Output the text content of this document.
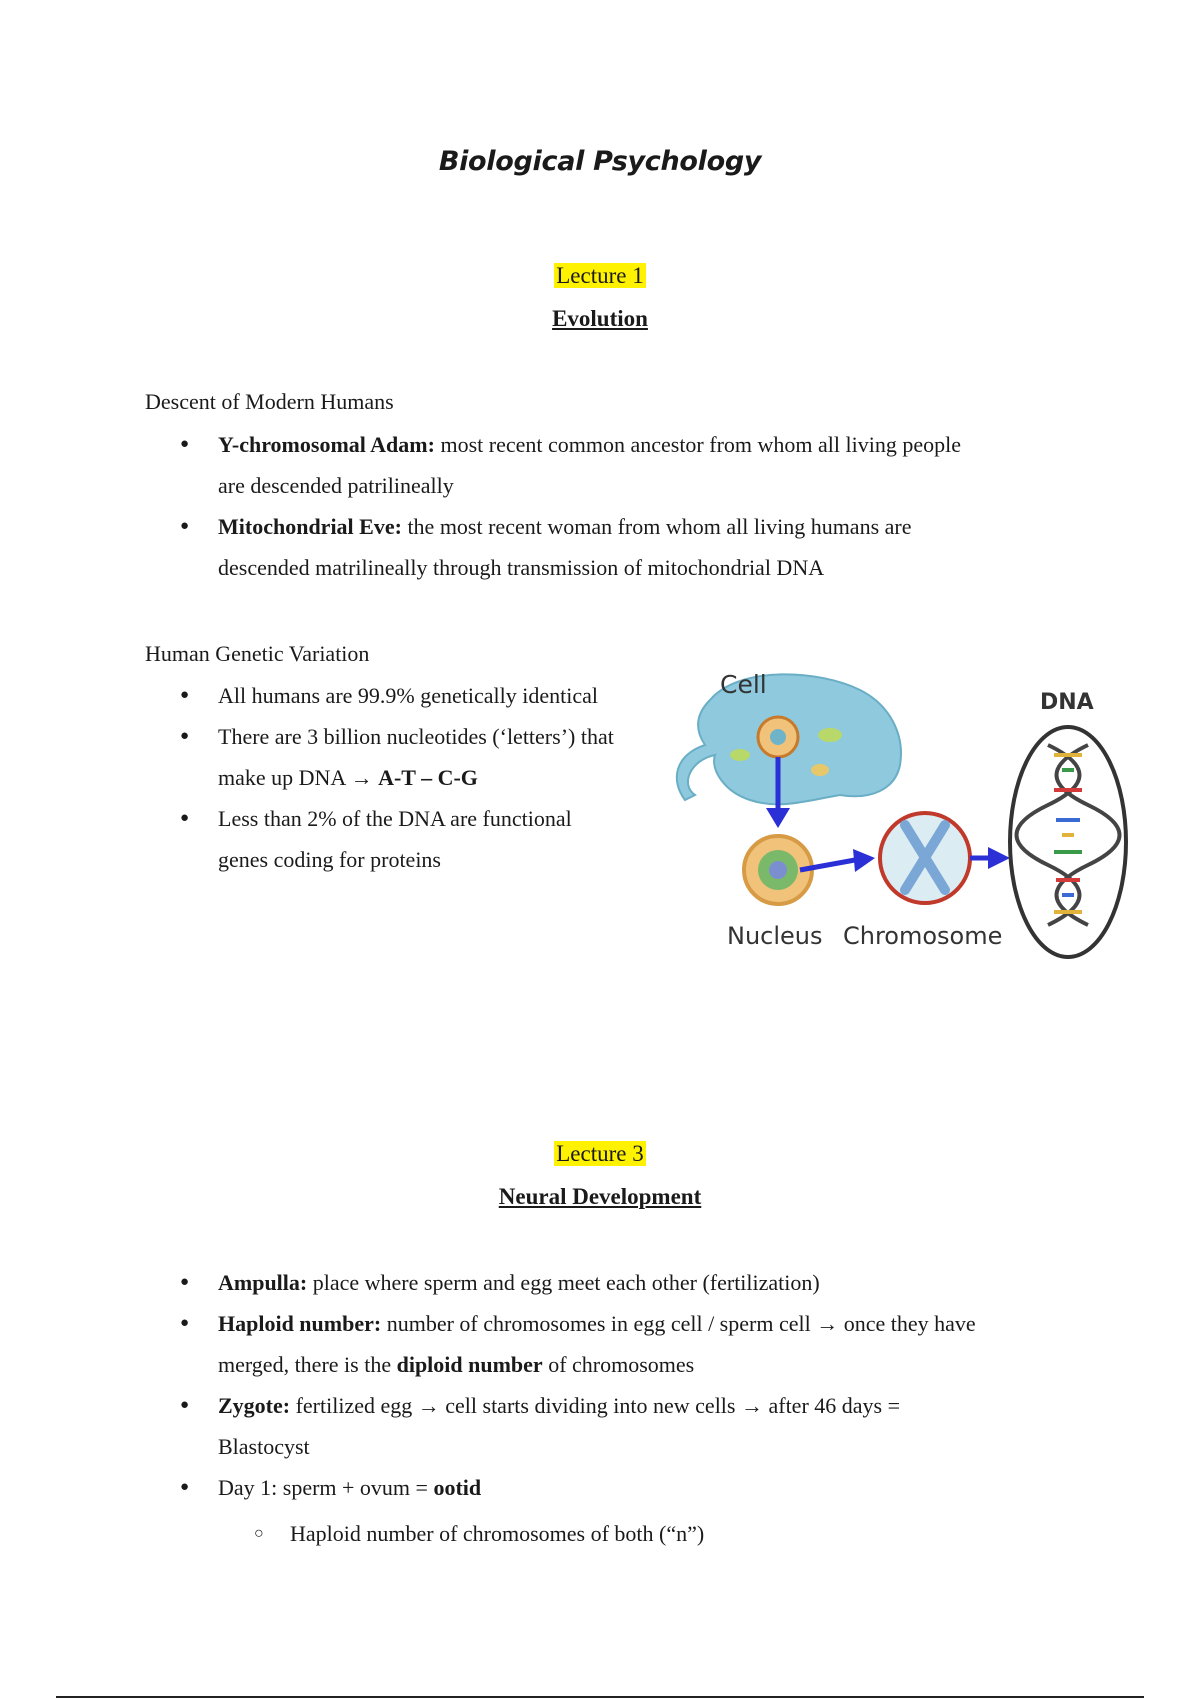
Biological Psychology
Lecture 1
Evolution
Descent of Modern Humans
● Y-chromosomal Adam: most recent common ancestor from whom all living people
are descended patrilineally
● Mitochondrial Eve: the most recent woman from whom all living humans are
descended matrilineally through transmission of mitochondrial DNA
Human Genetic Variation
● All humans are 99.9% genetically identical
● There are 3 billion nucleotides (‘letters’) that
make up DNA → A-T – C-G
● Less than 2% of the DNA are functional
genes coding for proteins
Cell
DNA
Nucleus Chromosome
Lecture 3
Neural Development
● Ampulla: place where sperm and egg meet each other (fertilization)
● Haploid number: number of chromosomes in egg cell / sperm cell → once they have
merged, there is the diploid number of chromosomes
● Zygote: fertilized egg → cell starts dividing into new cells → after 46 days =
Blastocyst
● Day 1: sperm + ovum = ootid
○ Haploid number of chromosomes of both (“n”)
